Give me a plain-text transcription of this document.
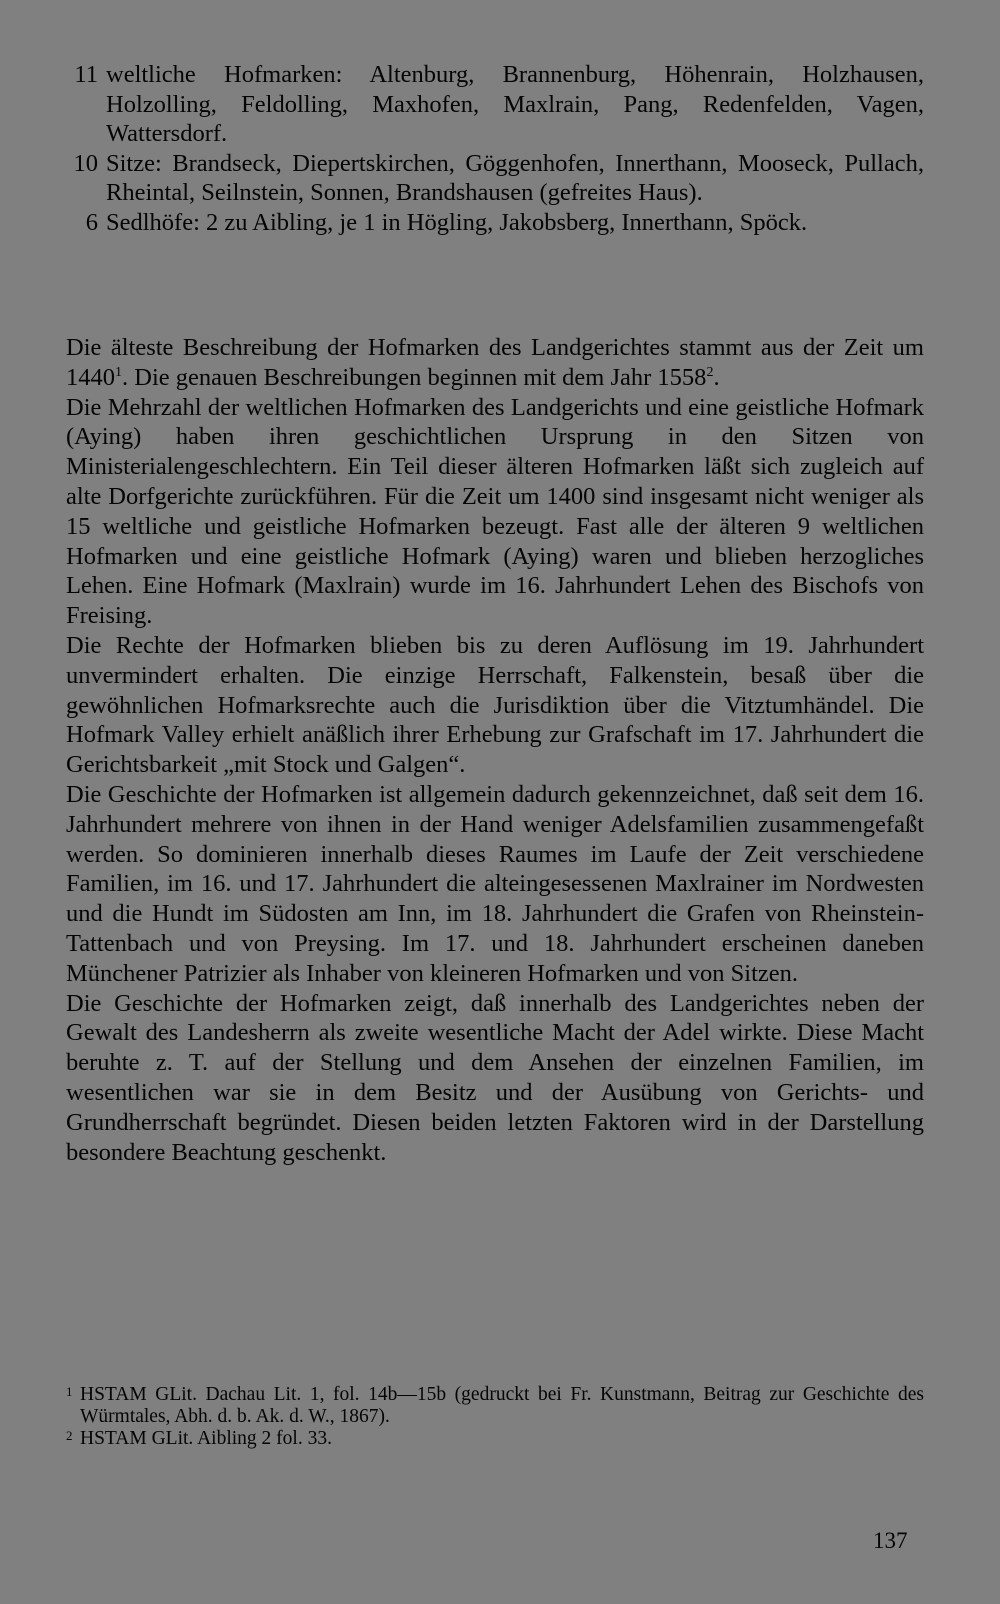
11 weltliche Hofmarken: Altenburg, Brannenburg, Höhenrain, Holzhausen, Holzolling, Feldolling, Maxhofen, Maxlrain, Pang, Redenfelden, Vagen, Wattersdorf.
10 Sitze: Brandseck, Diepertskirchen, Göggenhofen, Innerthann, Mooseck, Pullach, Rheintal, Seilnstein, Sonnen, Brandshausen (gefreites Haus).
6 Sedlhöfe: 2 zu Aibling, je 1 in Högling, Jakobsberg, Innerthann, Spöck.

Die älteste Beschreibung der Hofmarken des Landgerichtes stammt aus der Zeit um 1440$^1$. Die genauen Beschreibungen beginnen mit dem Jahr 1558$^2$.

Die Mehrzahl der weltlichen Hofmarken des Landgerichts und eine geistliche Hofmark (Aying) haben ihren geschichtlichen Ursprung in den Sitzen von Ministerialengeschlechtern. Ein Teil dieser älteren Hofmarken läßt sich zugleich auf alte Dorfgerichte zurückführen. Für die Zeit um 1400 sind insgesamt nicht weniger als 15 weltliche und geistliche Hofmarken bezeugt. Fast alle der älteren 9 weltlichen Hofmarken und eine geistliche Hofmark (Aying) waren und blieben herzogliches Lehen. Eine Hofmark (Maxlrain) wurde im 16. Jahrhundert Lehen des Bischofs von Freising.

Die Rechte der Hofmarken blieben bis zu deren Auflösung im 19. Jahrhundert unvermindert erhalten. Die einzige Herrschaft, Falkenstein, besaß über die gewöhnlichen Hofmarksrechte auch die Jurisdiktion über die Vitztumhändel. Die Hofmark Valley erhielt anäßlich ihrer Erhebung zur Grafschaft im 17. Jahrhundert die Gerichtsbarkeit „mit Stock und Galgen“.

Die Geschichte der Hofmarken ist allgemein dadurch gekennzeichnet, daß seit dem 16. Jahrhundert mehrere von ihnen in der Hand weniger Adelsfamilien zusammengefaßt werden. So dominieren innerhalb dieses Raumes im Laufe der Zeit verschiedene Familien, im 16. und 17. Jahrhundert die alteingesessenen Maxlrainer im Nordwesten und die Hundt im Südosten am Inn, im 18. Jahrhundert die Grafen von Rheinstein-Tattenbach und von Preysing. Im 17. und 18. Jahrhundert erscheinen daneben Münchener Patrizier als Inhaber von kleineren Hofmarken und von Sitzen.

Die Geschichte der Hofmarken zeigt, daß innerhalb des Landgerichtes neben der Gewalt des Landesherrn als zweite wesentliche Macht der Adel wirkte. Diese Macht beruhte z. T. auf der Stellung und dem Ansehen der einzelnen Familien, im wesentlichen war sie in dem Besitz und der Ausübung von Gerichts- und Grundherrschaft begründet. Diesen beiden letzten Faktoren wird in der Darstellung besondere Beachtung geschenkt.

1 HSTAM GLit. Dachau Lit. 1, fol. 14b—15b (gedruckt bei Fr. Kunstmann, Beitrag zur Geschichte des Würmtales, Abh. d. b. Ak. d. W., 1867).
2 HSTAM GLit. Aibling 2 fol. 33.
137
